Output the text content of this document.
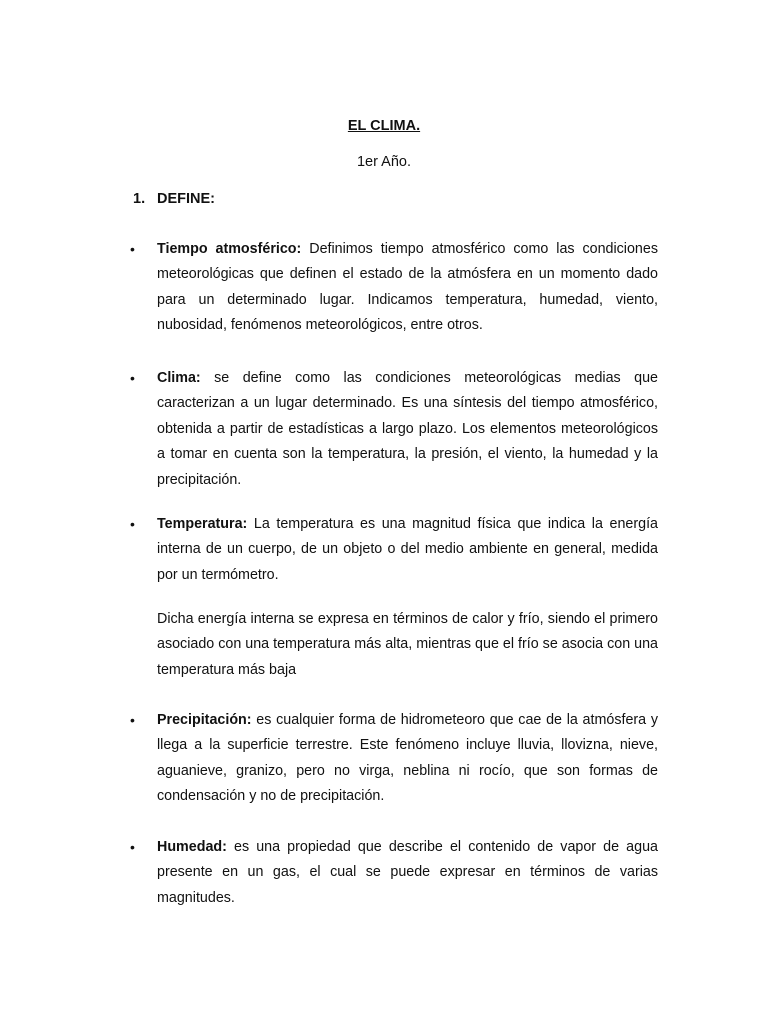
EL CLIMA.
1er Año.
1. DEFINE:
•	Tiempo atmosférico: Definimos tiempo atmosférico como las condiciones meteorológicas que definen el estado de la atmósfera en un momento dado para un determinado lugar. Indicamos temperatura, humedad, viento, nubosidad, fenómenos meteorológicos, entre otros.
•	Clima: se define como las condiciones meteorológicas medias que caracterizan a un lugar determinado. Es una síntesis del tiempo atmosférico, obtenida a partir de estadísticas a largo plazo. Los elementos meteorológicos a tomar en cuenta son la temperatura, la presión, el viento, la humedad y la precipitación.
•	Temperatura: La temperatura es una magnitud física que indica la energía interna de un cuerpo, de un objeto o del medio ambiente en general, medida por un termómetro.
Dicha energía interna se expresa en términos de calor y frío, siendo el primero asociado con una temperatura más alta, mientras que el frío se asocia con una temperatura más baja
•	Precipitación: es cualquier forma de hidrometeoro que cae de la atmósfera y llega a la superficie terrestre. Este fenómeno incluye lluvia, llovizna, nieve, aguanieve, granizo, pero no virga, neblina ni rocío, que son formas de condensación y no de precipitación.
•	Humedad: es una propiedad que describe el contenido de vapor de agua presente en un gas, el cual se puede expresar en términos de varias magnitudes.
